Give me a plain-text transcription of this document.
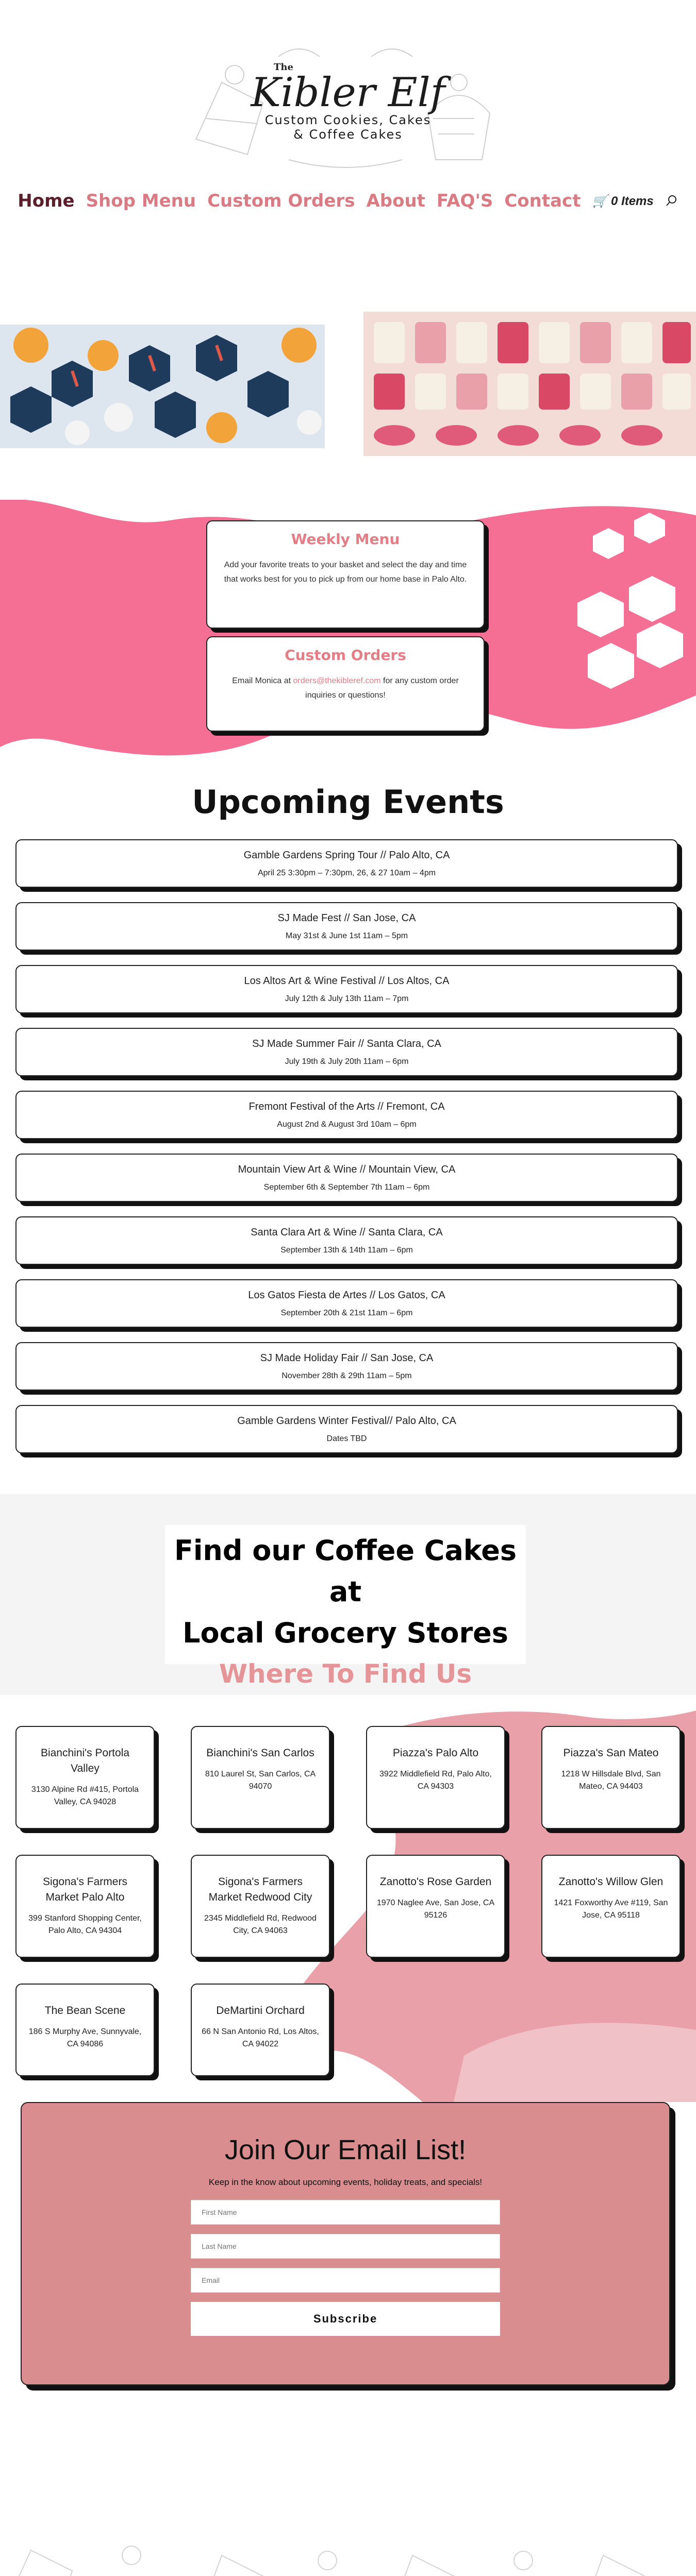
The
Kibler Elf
Custom Cookies, Cakes
& Coffee Cakes
Home Shop Menu Custom Orders About FAQ'S Contact 🛒 0 Items
Weekly Menu

Add your favorite treats to your basket and select the day and time that works best for you to pick up from our home base in Palo Alto.

Custom Orders

Email Monica at orders@thekibleref.com for any custom order inquiries or questions!

Upcoming Events
Gamble Gardens Spring Tour // Palo Alto, CA
April 25 3:30pm – 7:30pm, 26, & 27 10am – 4pm
SJ Made Fest // San Jose, CA
May 31st & June 1st 11am – 5pm
Los Altos Art & Wine Festival // Los Altos, CA
July 12th & July 13th 11am – 7pm
SJ Made Summer Fair // Santa Clara, CA
July 19th & July 20th 11am – 6pm
Fremont Festival of the Arts // Fremont, CA
August 2nd & August 3rd 10am – 6pm
Mountain View Art & Wine // Mountain View, CA
September 6th & September 7th 11am – 6pm
Santa Clara Art & Wine // Santa Clara, CA
September 13th & 14th 11am – 6pm
Los Gatos Fiesta de Artes // Los Gatos, CA
September 20th & 21st 11am – 6pm
SJ Made Holiday Fair // San Jose, CA
November 28th & 29th 11am – 5pm
Gamble Gardens Winter Festival// Palo Alto, CA
Dates TBD
Find our Coffee Cakes at
Local Grocery Stores
Where To Find Us
Bianchini's Portola Valley
3130 Alpine Rd #415, Portola Valley, CA 94028
Bianchini's San Carlos
810 Laurel St, San Carlos, CA 94070
Piazza's Palo Alto
3922 Middlefield Rd, Palo Alto, CA 94303
Piazza's San Mateo
1218 W Hillsdale Blvd, San Mateo, CA 94403
Sigona's Farmers Market Palo Alto
399 Stanford Shopping Center, Palo Alto, CA 94304
Sigona's Farmers Market Redwood City
2345 Middlefield Rd, Redwood City, CA 94063
Zanotto's Rose Garden
1970 Naglee Ave, San Jose, CA 95126
Zanotto's Willow Glen
1421 Foxworthy Ave #119, San Jose, CA 95118
The Bean Scene
186 S Murphy Ave, Sunnyvale, CA 94086
DeMartini Orchard
66 N San Antonio Rd, Los Altos, CA 94022
Join Our Email List!

Keep in the know about upcoming events, holiday treats, and specials!

First Name
Last Name
Email
Subscribe
